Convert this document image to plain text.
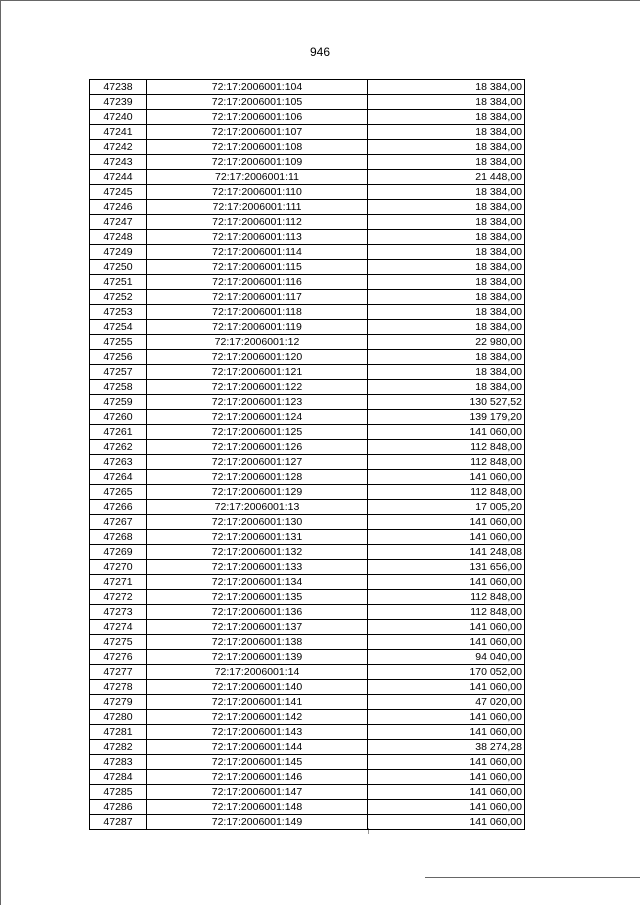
946
47238	72:17:2006001:104	18 384,00
47239	72:17:2006001:105	18 384,00
47240	72:17:2006001:106	18 384,00
47241	72:17:2006001:107	18 384,00
47242	72:17:2006001:108	18 384,00
47243	72:17:2006001:109	18 384,00
47244	72:17:2006001:11	21 448,00
47245	72:17:2006001:110	18 384,00
47246	72:17:2006001:111	18 384,00
47247	72:17:2006001:112	18 384,00
47248	72:17:2006001:113	18 384,00
47249	72:17:2006001:114	18 384,00
47250	72:17:2006001:115	18 384,00
47251	72:17:2006001:116	18 384,00
47252	72:17:2006001:117	18 384,00
47253	72:17:2006001:118	18 384,00
47254	72:17:2006001:119	18 384,00
47255	72:17:2006001:12	22 980,00
47256	72:17:2006001:120	18 384,00
47257	72:17:2006001:121	18 384,00
47258	72:17:2006001:122	18 384,00
47259	72:17:2006001:123	130 527,52
47260	72:17:2006001:124	139 179,20
47261	72:17:2006001:125	141 060,00
47262	72:17:2006001:126	112 848,00
47263	72:17:2006001:127	112 848,00
47264	72:17:2006001:128	141 060,00
47265	72:17:2006001:129	112 848,00
47266	72:17:2006001:13	17 005,20
47267	72:17:2006001:130	141 060,00
47268	72:17:2006001:131	141 060,00
47269	72:17:2006001:132	141 248,08
47270	72:17:2006001:133	131 656,00
47271	72:17:2006001:134	141 060,00
47272	72:17:2006001:135	112 848,00
47273	72:17:2006001:136	112 848,00
47274	72:17:2006001:137	141 060,00
47275	72:17:2006001:138	141 060,00
47276	72:17:2006001:139	94 040,00
47277	72:17:2006001:14	170 052,00
47278	72:17:2006001:140	141 060,00
47279	72:17:2006001:141	47 020,00
47280	72:17:2006001:142	141 060,00
47281	72:17:2006001:143	141 060,00
47282	72:17:2006001:144	38 274,28
47283	72:17:2006001:145	141 060,00
47284	72:17:2006001:146	141 060,00
47285	72:17:2006001:147	141 060,00
47286	72:17:2006001:148	141 060,00
47287	72:17:2006001:149	141 060,00
